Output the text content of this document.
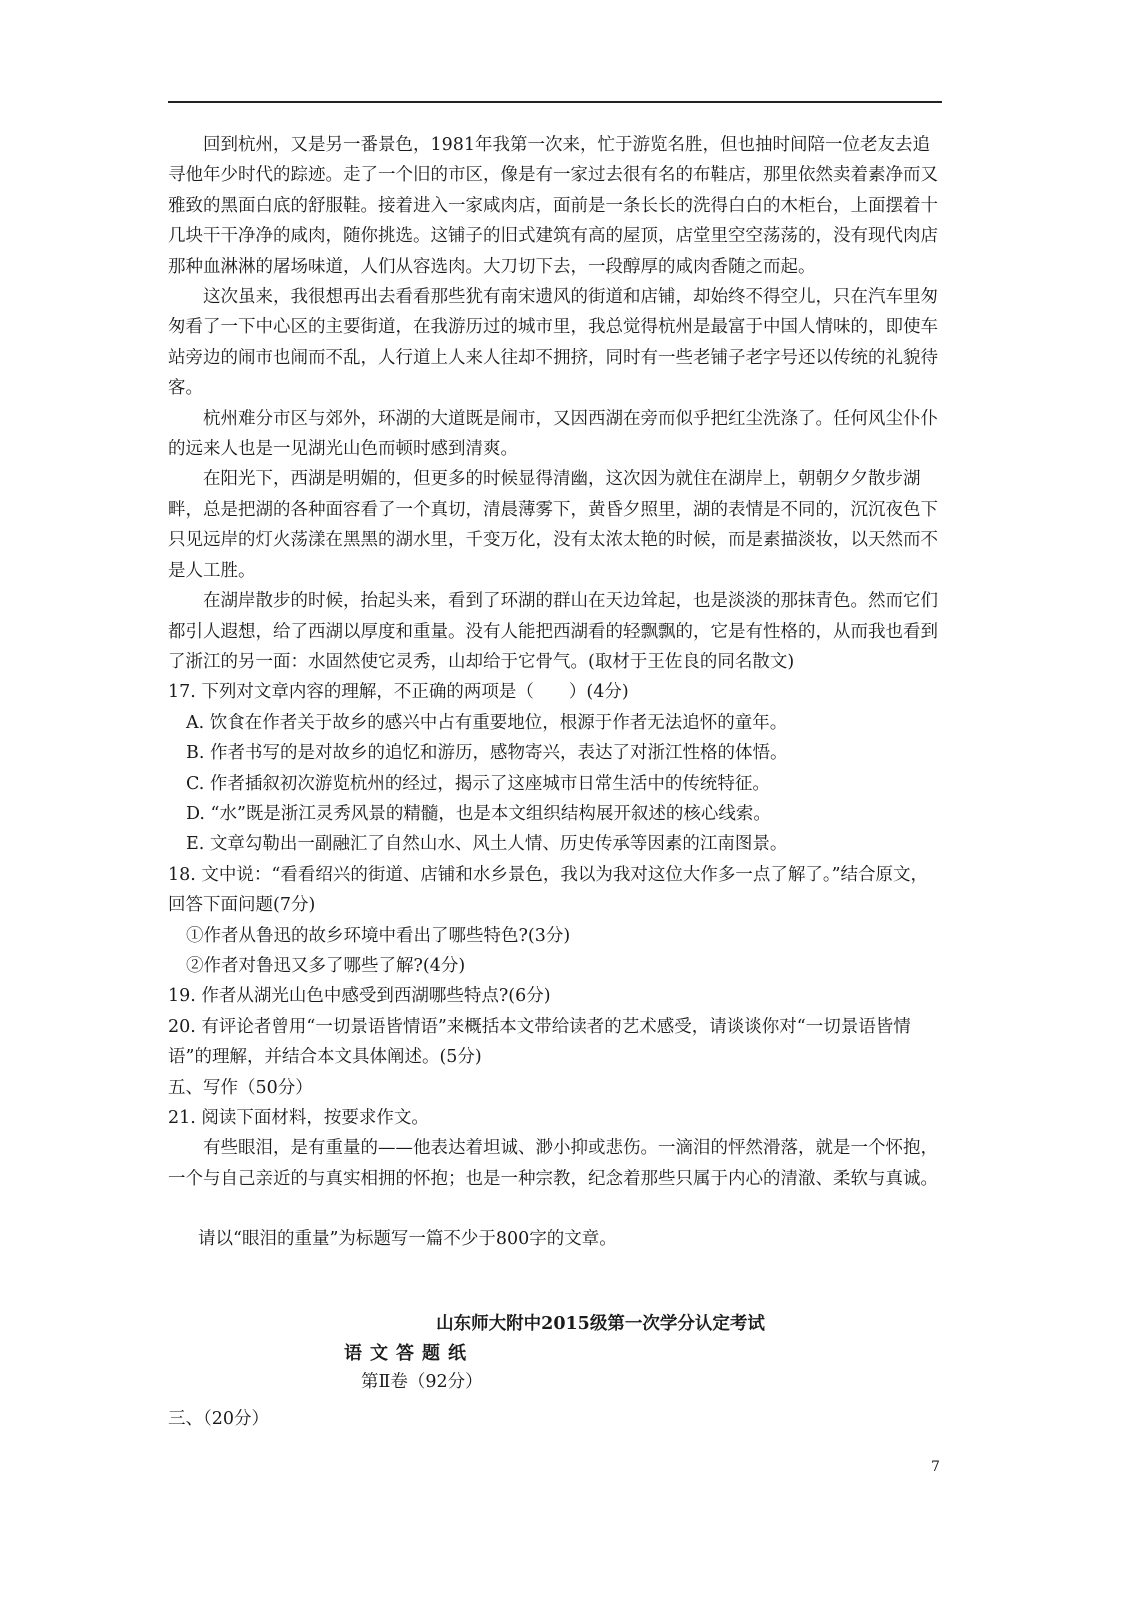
回到杭州，又是另一番景色，1981年我第一次来，忙于游览名胜，但也抽时间陪一位老友去追寻他年少时代的踪迹。走了一个旧的市区，像是有一家过去很有名的布鞋店，那里依然卖着素净而又雅致的黑面白底的舒服鞋。接着进入一家咸肉店，面前是一条长长的洗得白白的木柜台，上面摆着十几块干干净净的咸肉，随你挑选。这铺子的旧式建筑有高的屋顶，店堂里空空荡荡的，没有现代肉店那种血淋淋的屠场味道，人们从容选肉。大刀切下去，一段醇厚的咸肉香随之而起。

这次虽来，我很想再出去看看那些犹有南宋遗风的街道和店铺，却始终不得空儿，只在汽车里匆匆看了一下中心区的主要街道，在我游历过的城市里，我总觉得杭州是最富于中国人情味的，即使车站旁边的闹市也闹而不乱，人行道上人来人往却不拥挤，同时有一些老铺子老字号还以传统的礼貌待客。

杭州难分市区与郊外，环湖的大道既是闹市，又因西湖在旁而似乎把红尘洗涤了。任何风尘仆仆的远来人也是一见湖光山色而顿时感到清爽。

在阳光下，西湖是明媚的，但更多的时候显得清幽，这次因为就住在湖岸上，朝朝夕夕散步湖畔，总是把湖的各种面容看了一个真切，清晨薄雾下，黄昏夕照里，湖的表情是不同的，沉沉夜色下只见远岸的灯火荡漾在黑黑的湖水里，千变万化，没有太浓太艳的时候，而是素描淡妆，以天然而不是人工胜。

在湖岸散步的时候，抬起头来，看到了环湖的群山在天边耸起，也是淡淡的那抹青色。然而它们都引人遐想，给了西湖以厚度和重量。没有人能把西湖看的轻飘飘的，它是有性格的，从而我也看到了浙江的另一面：水固然使它灵秀，山却给于它骨气。(取材于王佐良的同名散文)

17. 下列对文章内容的理解，不正确的两项是（　　）(4分)

A. 饮食在作者关于故乡的感兴中占有重要地位，根源于作者无法追怀的童年。

B. 作者书写的是对故乡的追忆和游历，感物寄兴，表达了对浙江性格的体悟。

C. 作者插叙初次游览杭州的经过，揭示了这座城市日常生活中的传统特征。

D. “水”既是浙江灵秀风景的精髓，也是本文组织结构展开叙述的核心线索。

E. 文章勾勒出一副融汇了自然山水、风土人情、历史传承等因素的江南图景。

18. 文中说：“看看绍兴的街道、店铺和水乡景色，我以为我对这位大作多一点了解了。”结合原文，回答下面问题(7分)

①作者从鲁迅的故乡环境中看出了哪些特色?(3分)

②作者对鲁迅又多了哪些了解?(4分)

19. 作者从湖光山色中感受到西湖哪些特点?(6分)

20. 有评论者曾用“一切景语皆情语”来概括本文带给读者的艺术感受，请谈谈你对“一切景语皆情语”的理解，并结合本文具体阐述。(5分)

五、写作（50分）

21. 阅读下面材料，按要求作文。

有些眼泪，是有重量的——他表达着坦诚、渺小抑或悲伤。一滴泪的怦然滑落，就是一个怀抱，一个与自己亲近的与真实相拥的怀抱；也是一种宗教，纪念着那些只属于内心的清澈、柔软与真诚。

请以“眼泪的重量”为标题写一篇不少于800字的文章。

山东师大附中2015级第一次学分认定考试
语文答题纸
第Ⅱ卷（92分）
三、（20分）
7
